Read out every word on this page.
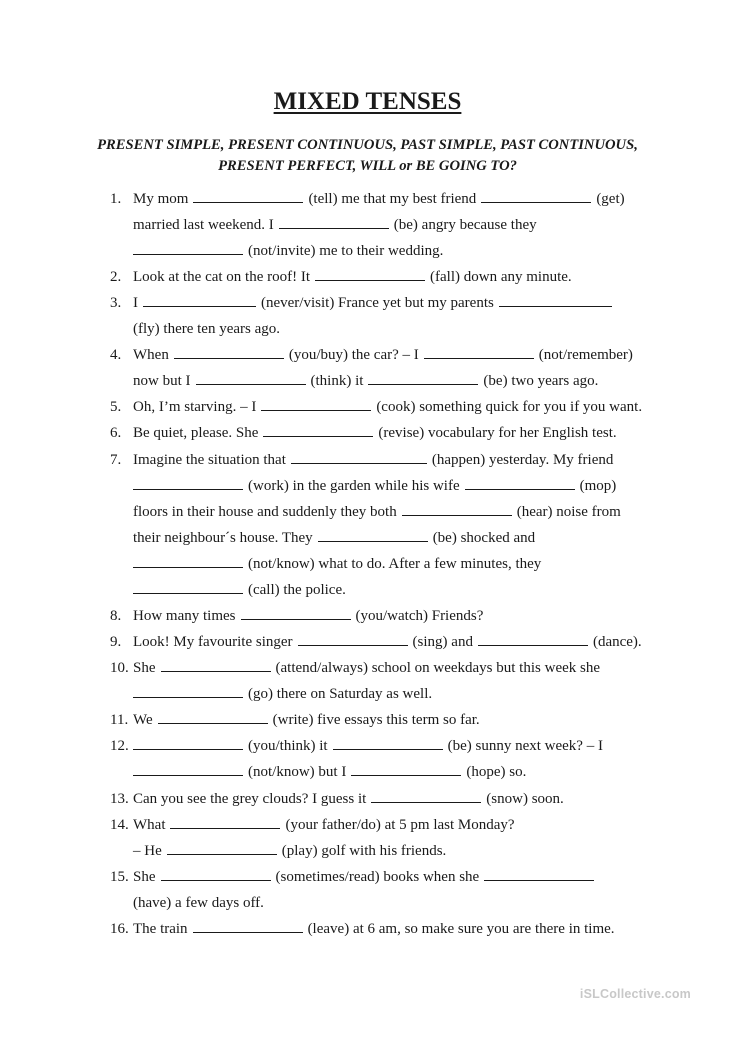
MIXED TENSES
PRESENT SIMPLE, PRESENT CONTINUOUS, PAST SIMPLE, PAST CONTINUOUS,
PRESENT PERFECT, WILL or BE GOING TO?
1. My mom	(tell) me that my best friend	(get)
married last weekend. I	(be) angry because they
(not/invite) me to their wedding.
2. Look at the cat on the roof! It	(fall) down any minute.
3. I	(never/visit) France yet but my parents
(fly) there ten years ago.
4. When	(you/buy) the car? – I	(not/remember)
now but I	(think) it	(be) two years ago.
5. Oh, I’m starving. – I	(cook) something quick for you if you want.
6. Be quiet, please. She	(revise) vocabulary for her English test.
7. Imagine the situation that	(happen) yesterday. My friend
(work) in the garden while his wife	(mop)
floors in their house and suddenly they both	(hear) noise from
their neighbour´s house. They	(be) shocked and
(not/know) what to do. After a few minutes, they
(call) the police.
8. How many times	(you/watch) Friends?
9. Look! My favourite singer	(sing) and	(dance).
10. She	(attend/always) school on weekdays but this week she
(go) there on Saturday as well.
11. We	(write) five essays this term so far.
12.	(you/think) it	(be) sunny next week? – I
(not/know) but I	(hope) so.
13. Can you see the grey clouds? I guess it	(snow) soon.
14. What	(your father/do) at 5 pm last Monday?
– He	(play) golf with his friends.
15. She	(sometimes/read) books when she
(have) a few days off.
16. The train	(leave) at 6 am, so make sure you are there in time.
iSLCollective.com
